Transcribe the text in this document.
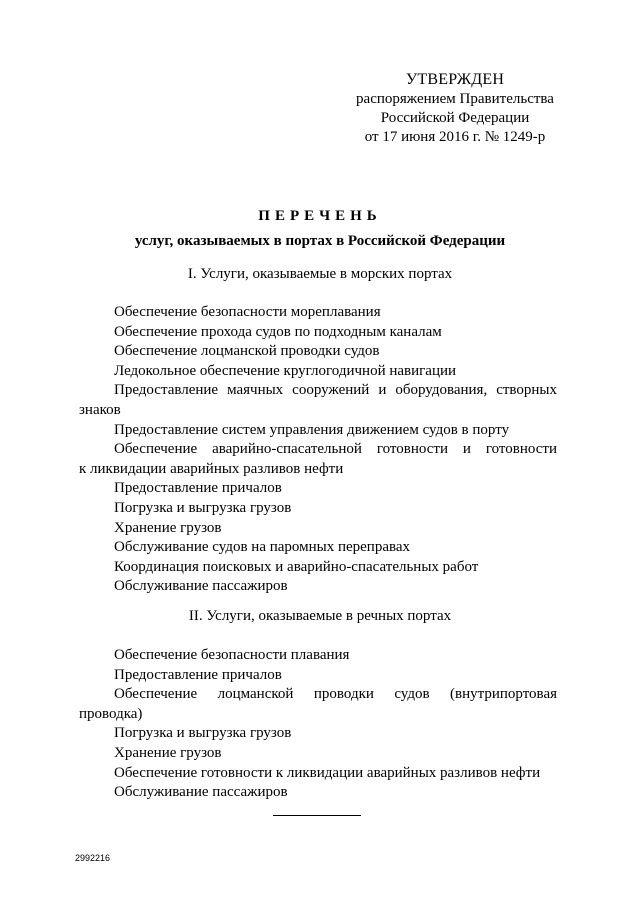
УТВЕРЖДЕН
распоряжением Правительства
Российской Федерации
от 17 июня 2016 г. № 1249-р
ПЕРЕЧЕНЬ
услуг, оказываемых в портах в Российской Федерации
I. Услуги, оказываемые в морских портах
Обеспечение безопасности мореплавания
Обеспечение прохода судов по подходным каналам
Обеспечение лоцманской проводки судов
Ледокольное обеспечение круглогодичной навигации
Предоставление маячных сооружений и оборудования, створных
знаков
Предоставление систем управления движением судов в порту
Обеспечение аварийно-спасательной готовности и готовности
к ликвидации аварийных разливов нефти
Предоставление причалов
Погрузка и выгрузка грузов
Хранение грузов
Обслуживание судов на паромных переправах
Координация поисковых и аварийно-спасательных работ
Обслуживание пассажиров
II. Услуги, оказываемые в речных портах
Обеспечение безопасности плавания
Предоставление причалов
Обеспечение лоцманской проводки судов (внутрипортовая проводка)
Погрузка и выгрузка грузов
Хранение грузов
Обеспечение готовности к ликвидации аварийных разливов нефти
Обслуживание пассажиров
2992216
